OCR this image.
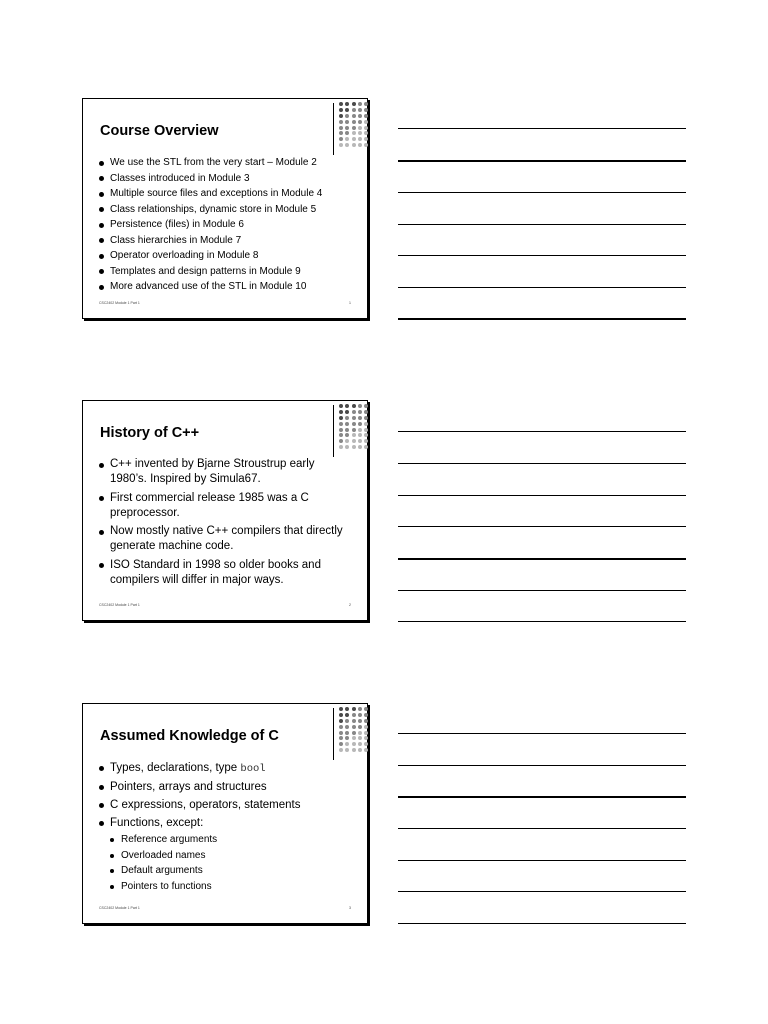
Course Overview
We use the STL from the very start – Module 2
Classes introduced in Module 3
Multiple source files and exceptions in Module 4
Class relationships, dynamic store in Module 5
Persistence (files) in Module 6
Class hierarchies in Module 7
Operator overloading in Module 8
Templates and design patterns in Module 9
More advanced use of the STL in Module 10
CSC2402 Module 1 Part 1	1
History of C++
C++ invented by Bjarne Stroustrup early
1980’s. Inspired by Simula67.
First commercial release 1985 was a C
preprocessor.
Now mostly native C++ compilers that directly
generate machine code.
ISO Standard in 1998 so older books and
compilers will differ in major ways.
CSC2402 Module 1 Part 1	2
Assumed Knowledge of C
Types, declarations, type bool
Pointers, arrays and structures
C expressions, operators, statements
Functions, except:
Reference arguments
Overloaded names
Default arguments
Pointers to functions
CSC2402 Module 1 Part 1	3
